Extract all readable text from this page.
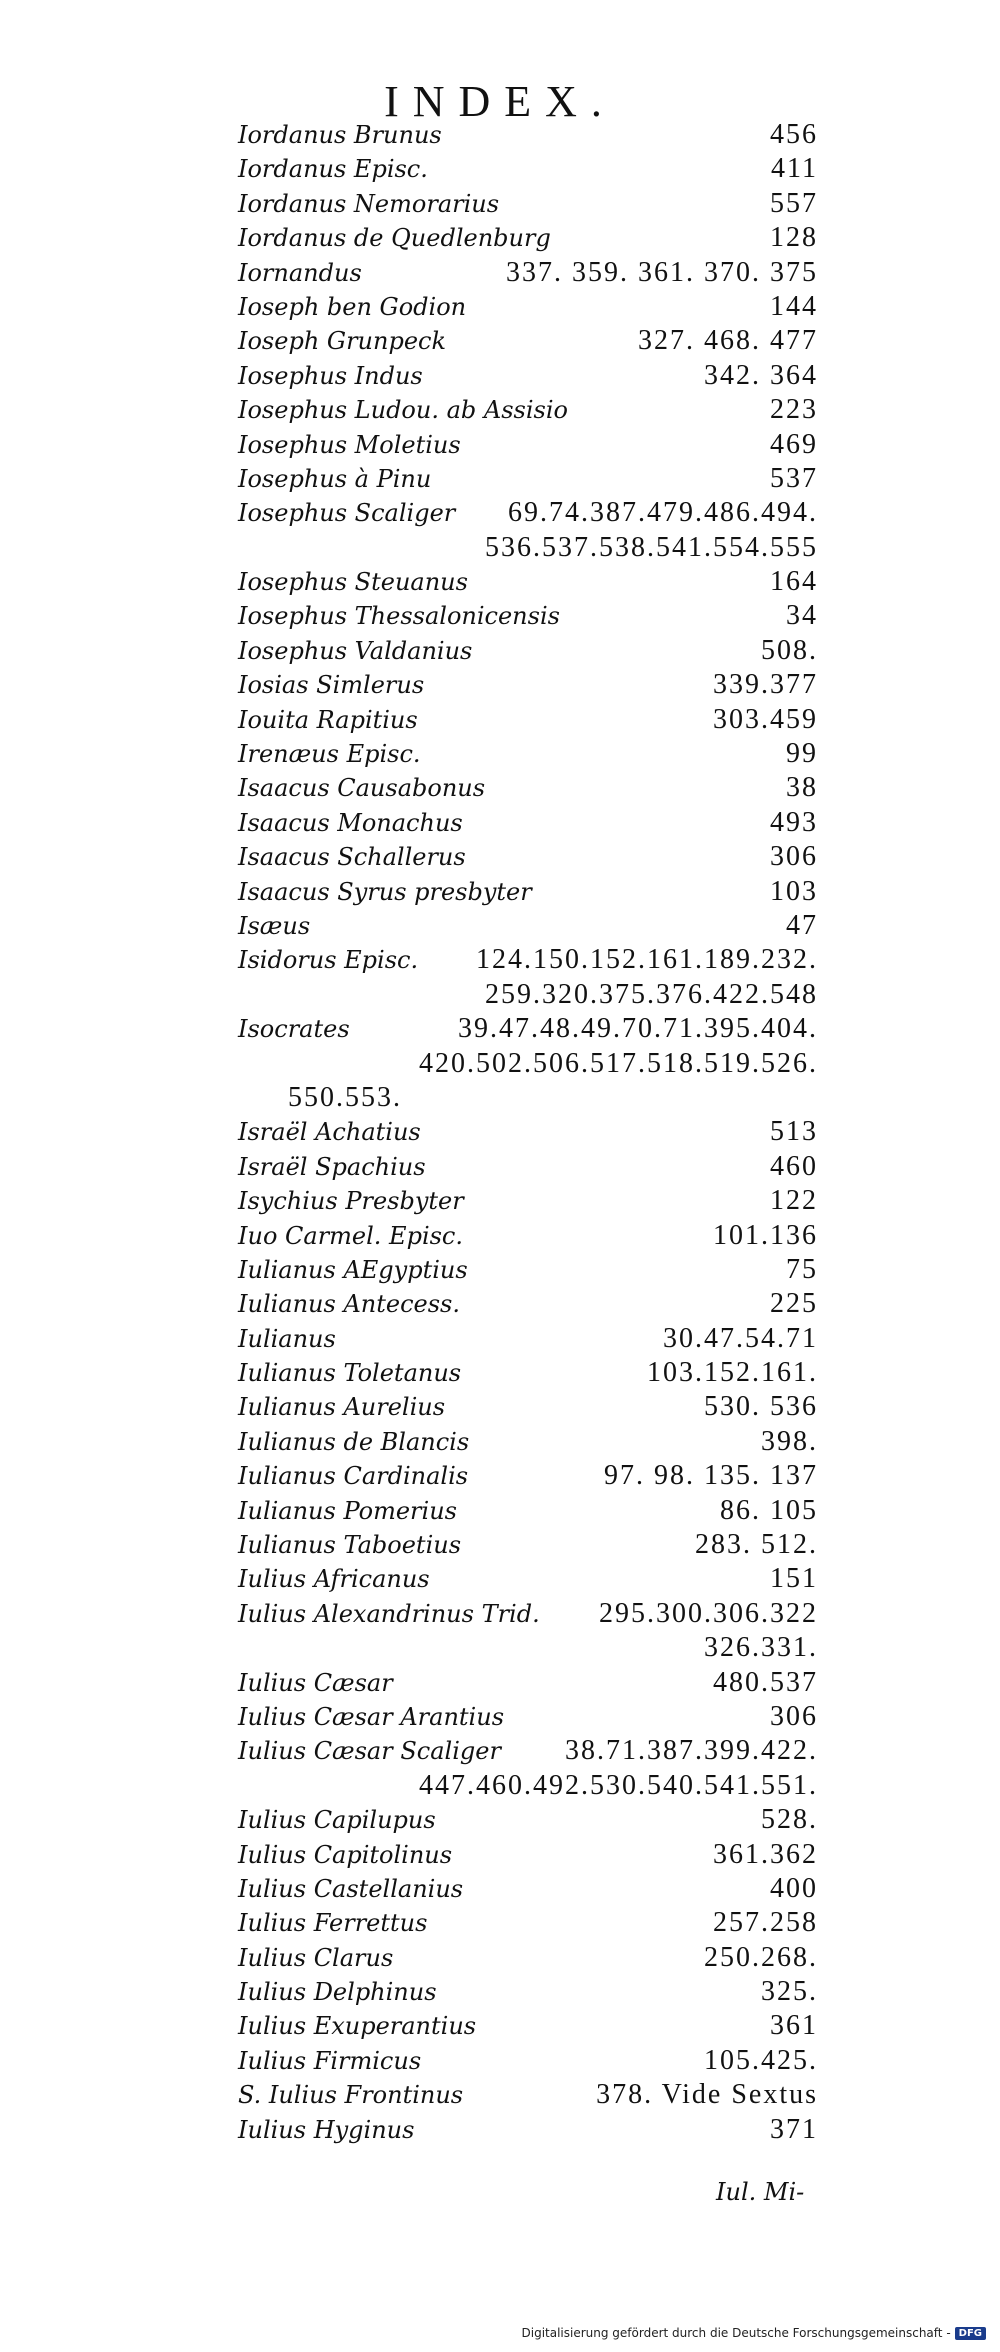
INDEX.
Iordanus Brunus	456
Iordanus Episc.	411
Iordanus Nemorarius	557
Iordanus de Quedlenburg	128
Iornandus	337. 359. 361. 370. 375
Ioseph ben Godion	144
Ioseph Grunpeck	327. 468. 477
Iosephus Indus	342. 364
Iosephus Ludou. ab Assisio	223
Iosephus Moletius	469
Iosephus à Pinu	537
Iosephus Scaliger 69.74.387.479.486.494.
536.537.538.541.554.555
Iosephus Steuanus	164
Iosephus Thessalonicensis	34
Iosephus Valdanius	508.
Iosias Simlerus	339.377
Iouita Rapitius	303.459
Irenæus Episc.	99
Isaacus Causabonus	38
Isaacus Monachus	493
Isaacus Schallerus	306
Isaacus Syrus presbyter	103
Isæus	47
Isidorus Episc. 124.150.152.161.189.232.
259.320.375.376.422.548
Isocrates	39.47.48.49.70.71.395.404.
420.502.506.517.518.519.526.
550.553.
Israël Achatius	513
Israël Spachius	460
Isychius Presbyter	122
Iuo Carmel. Episc.	101.136
Iulianus AEgyptius	75
Iulianus Antecess.	225
Iulianus	30.47.54.71
Iulianus Toletanus	103.152.161.
Iulianus Aurelius	530. 536
Iulianus de Blancis	398.
Iulianus Cardinalis	97. 98. 135. 137
Iulianus Pomerius	86. 105
Iulianus Taboetius	283. 512.
Iulius Africanus	151
Iulius Alexandrinus Trid. 295.300.306.322
326.331.
Iulius Cæsar	480.537
Iulius Cæsar Arantius	306
Iulius Cæsar Scaliger 38.71.387.399.422.
447.460.492.530.540.541.551.
Iulius Capilupus	528.
Iulius Capitolinus	361.362
Iulius Castellanius	400
Iulius Ferrettus	257.258
Iulius Clarus	250.268.
Iulius Delphinus	325.
Iulius Exuperantius	361
Iulius Firmicus	105.425.
S. Iulius Frontinus	378. Vide Sextus
Iulius Hyginus	371
Iul. Mi-
Digitalisierung gefördert durch die Deutsche Forschungsgemeinschaft - DFG
